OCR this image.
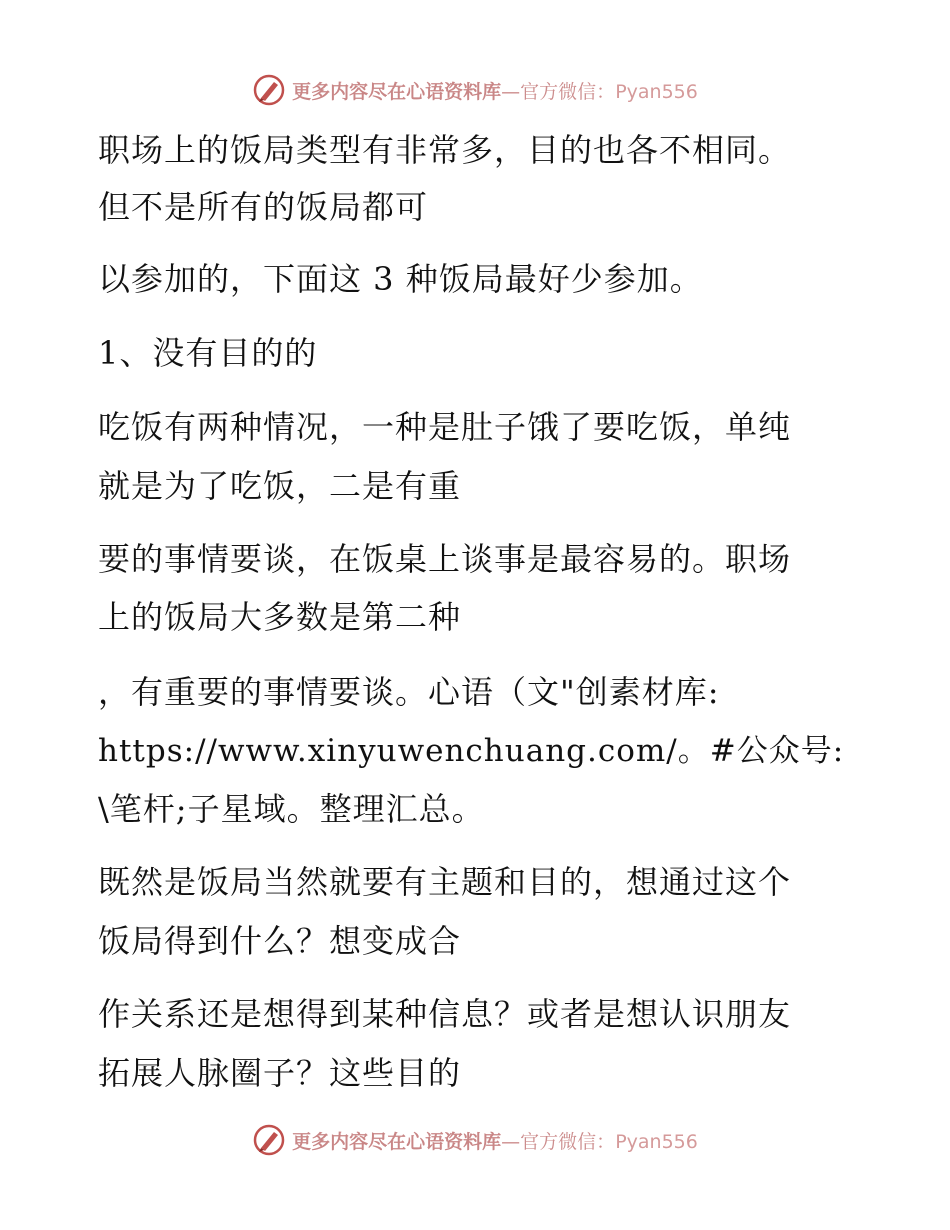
更多内容尽在心语资料库—官方微信：Pyan556
职场上的饭局类型有非常多，目的也各不相同。
但不是所有的饭局都可
以参加的，下面这 3 种饭局最好少参加。
1、没有目的的
吃饭有两种情况，一种是肚子饿了要吃饭，单纯
就是为了吃饭，二是有重
要的事情要谈，在饭桌上谈事是最容易的。职场
上的饭局大多数是第二种
，有重要的事情要谈。心语（文"创素材库:
https://www.xinyuwenchuang.com/。#公众号:
\笔杆;子星域。整理汇总。
既然是饭局当然就要有主题和目的，想通过这个
饭局得到什么？想变成合
作关系还是想得到某种信息？或者是想认识朋友
拓展人脉圈子？这些目的
更多内容尽在心语资料库—官方微信：Pyan556
